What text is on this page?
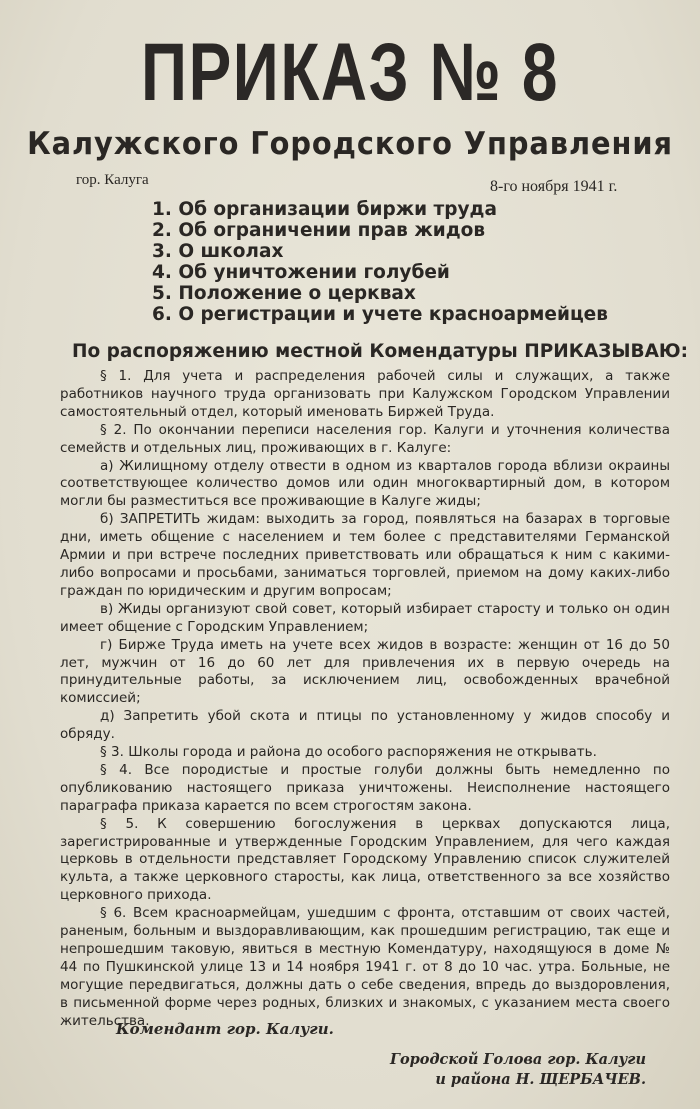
ПРИКАЗ № 8
Калужского Городского Управления
гор. Калуга	8-го ноября 1941 г.
1. Об организации биржи труда
2. Об ограничении прав жидов
3. О школах
4. Об уничтожении голубей
5. Положение о церквах
6. О регистрации и учете красноармейцев
По распоряжению местной Комендатуры ПРИКАЗЫВАЮ:

§ 1. Для учета и распределения рабочей силы и служащих, а также работников научного труда организовать при Калужском Городском Управлении самостоятельный отдел, который именовать Биржей Труда.

§ 2. По окончании переписи населения гор. Калуги и уточнения количества семейств и отдельных лиц, проживающих в г. Калуге:

а) Жилищному отделу отвести в одном из кварталов города вблизи окраины соответствующее количество домов или один многоквартирный дом, в котором могли бы разместиться все проживающие в Калуге жиды;

б) ЗАПРЕТИТЬ жидам: выходить за город, появляться на базарах в торговые дни, иметь общение с населением и тем более с представителями Германской Армии и при встрече последних приветствовать или обращаться к ним с какими-либо вопросами и просьбами, заниматься торговлей, приемом на дому каких-либо граждан по юридическим и другим вопросам;

в) Жиды организуют свой совет, который избирает старосту и только он один имеет общение с Городским Управлением;

г) Бирже Труда иметь на учете всех жидов в возрасте: женщин от 16 до 50 лет, мужчин от 16 до 60 лет для привлечения их в первую очередь на принудительные работы, за исключением лиц, освобожденных врачебной комиссией;

д) Запретить убой скота и птицы по установленному у жидов способу и обряду.

§ 3. Школы города и района до особого распоряжения не открывать.

§ 4. Все породистые и простые голуби должны быть немедленно по опубликованию настоящего приказа уничтожены. Неисполнение настоящего параграфа приказа карается по всем строгостям закона.

§ 5. К совершению богослужения в церквах допускаются лица, зарегистрированные и утвержденные Городским Управлением, для чего каждая церковь в отдельности представляет Городскому Управлению список служителей культа, а также церковного старосты, как лица, ответственного за все хозяйство церковного прихода.

§ 6. Всем красноармейцам, ушедшим с фронта, отставшим от своих частей, раненым, больным и выздоравливающим, как прошедшим регистрацию, так еще и непрошедшим таковую, явиться в местную Комендатуру, находящуюся в доме № 44 по Пушкинской улице 13 и 14 ноября 1941 г. от 8 до 10 час. утра. Больные, не могущие передвигаться, должны дать о себе сведения, впредь до выздоровления, в письменной форме через родных, близких и знакомых, с указанием места своего жительства.

Комендант гор. Калуги.
Городской Голова гор. Калуги
и района Н. ЩЕРБАЧЕВ.
